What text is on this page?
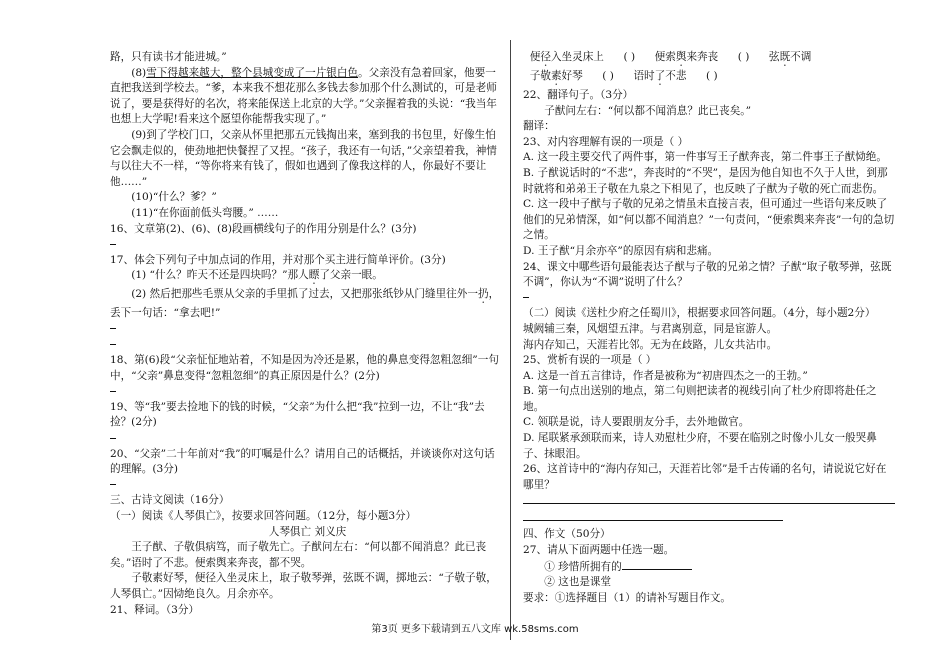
路，只有读书才能进城。”

(8)雪下得越来越大，整个县城变成了一片银白色。父亲没有急着回家，他要一直把我送到学校去。“爹，本来我不想花那么多钱去参加那个什么测试的，可是老师说了，要是获得好的名次，将来能保送上北京的大学。”父亲握着我的头说：“我当年也想上大学呢!看来这个愿望你能帮我实现了。”

(9)到了学校门口，父亲从怀里把那五元钱掏出来，塞到我的书包里，好像生怕它会飘走似的，使劲地把快餐捏了又捏。“孩子，我还有一句话，”父亲望着我，神情与以往大不一样，“等你将来有钱了，假如也遇到了像我这样的人，你最好不要让他……”

(10)“什么？爹？”

(11)“在你面前低头弯腰。” ……

16、文章第(2)、(6)、(8)段画横线句子的作用分别是什么？(3分)

17、体会下列句子中加点词的作用，并对那个买主进行简单评价。(3分)

(1) “什么？昨天不还是四块吗？”那人瞟了父亲一眼。

(2) 然后把那些毛票从父亲的手里抓了过去，又把那张纸钞从门缝里往外一扔，丢下一句话：“拿去吧!”

18、第(6)段“父亲怔怔地站着，不知是因为冷还是累，他的鼻息变得忽粗忽细”一句中，“父亲”鼻息变得“忽粗忽细”的真正原因是什么？(2分)

19、等“我”要去捡地下的钱的时候，“父亲”为什么把“我”拉到一边，不让“我”去捡？(2分)

20、“父亲”二十年前对“我”的叮嘱是什么？请用自己的话概括，并谈谈你对这句话的理解。(3分)

三、古诗文阅读（16分）

（一）阅读《人琴俱亡》，按要求回答问题。（12分，每小题3分）

人琴俱亡 刘义庆

王子猷、子敬俱病笃，而子敬先亡。子猷问左右：“何以都不闻消息？此已丧矣。”语时了不悲。便索舆来奔丧，都不哭。

子敬素好琴，便径入坐灵床上，取子敬琴弹，弦既不调，掷地云：“子敬子敬，人琴俱亡。”因恸绝良久。月余亦卒。

21、释词。（3分）

便径入坐灵床上 ( ) 便索舆来奔丧 ( ) 弦既不调

子敬素好琴 ( ) 语时了不悲 ( )

22、翻译句子。（3分）

子猷问左右：“何以都不闻消息？此已丧矣。”

翻译：

23、对内容理解有误的一项是（ ）

A. 这一段主要交代了两件事，第一件事写王子猷奔丧，第二件事王子猷恸绝。

B. 子猷说话时的“不悲”，奔丧时的“不哭”，是因为他自知也不久于人世，到那时就将和弟弟王子敬在九泉之下相见了，也反映了子猷为子敬的死亡而悲伤。

C. 这一段中子猷与子敬的兄弟之情虽未直接言表，但可通过一些语句来反映了他们的兄弟情深，如“何以都不闻消息？”一句责问，“便索舆来奔丧”一句的急切之情。

D. 王子猷“月余亦卒”的原因有病和悲痛。

24、课文中哪些语句最能表达子猷与子敬的兄弟之情？子猷“取子敬琴弹，弦既不调”，你认为“不调”说明了什么？

（二）阅读《送杜少府之任蜀川》，根据要求回答问题。（4分，每小题2分）

城阙辅三秦，风烟望五津。与君离别意，同是宦游人。

海内存知己，天涯若比邻。无为在歧路，儿女共沾巾。

25、赏析有误的一项是（ ）

A. 这是一首五言律诗，作者是被称为“初唐四杰之一的王勃。”

B. 第一句点出送别的地点，第二句则把读者的视线引向了杜少府即将赴任之地。

C. 领联是说，诗人要跟朋友分手，去外地做官。

D. 尾联紧承颈联而来，诗人劝慰杜少府，不要在临别之时像小儿女一般哭鼻子、抹眼泪。

26、这首诗中的“海内存知己，天涯若比邻”是千古传诵的名句，请说说它好在哪里？

四、作文（50分）

27、请从下面两题中任选一题。

① 珍惜所拥有的

② 这也是课堂

要求：①选择题目（1）的请补写题目作文。

第3页 更多下载请到五八文库 wk.58sms.com
